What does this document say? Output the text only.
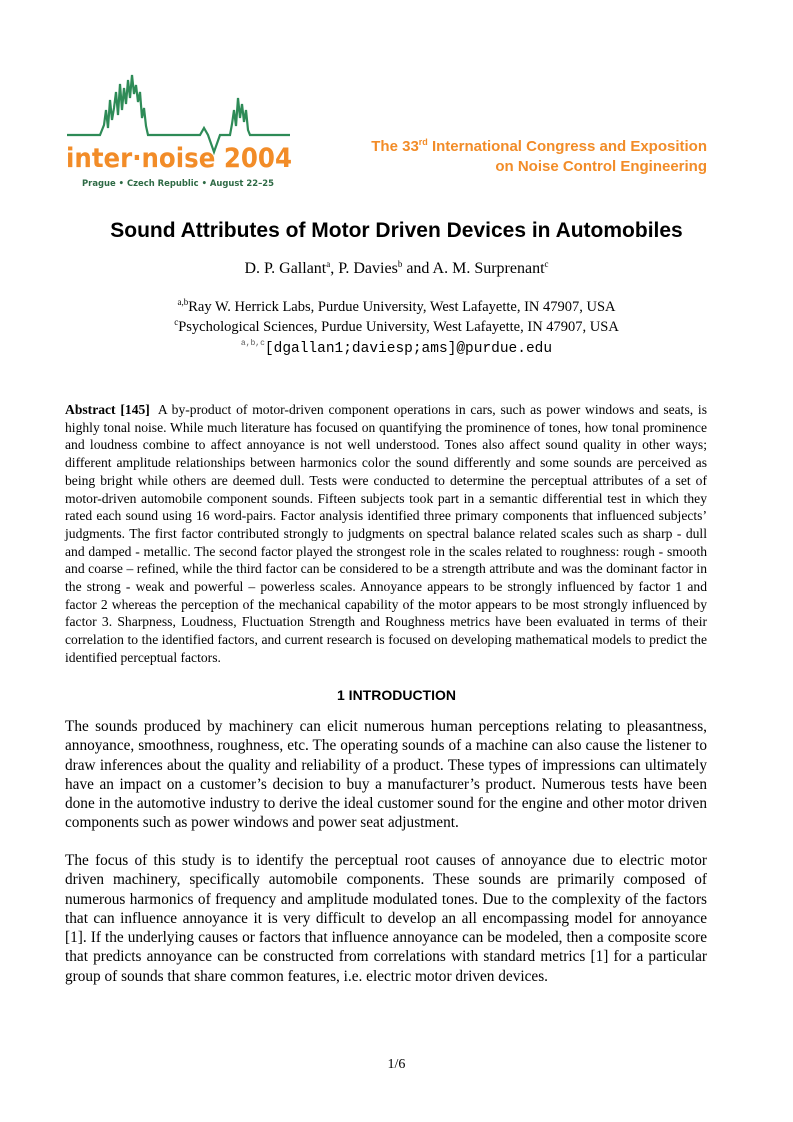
inter·noise 2004
Prague • Czech Republic • August 22–25
The 33rd International Congress and Exposition
on Noise Control Engineering
Sound Attributes of Motor Driven Devices in Automobiles
D. P. Gallant$^a$, P. Davies$^b$ and A. M. Surprenant$^c$
$^{a,b}$Ray W. Herrick Labs, Purdue University, West Lafayette, IN 47907, USA
$^c$Psychological Sciences, Purdue University, West Lafayette, IN 47907, USA
$^{a,b,c}$[dgallan1;daviesp;ams]@purdue.edu

Abstract [145] A by-product of motor-driven component operations in cars, such as power windows and seats, is highly tonal noise. While much literature has focused on quantifying the prominence of tones, how tonal prominence and loudness combine to affect annoyance is not well understood. Tones also affect sound quality in other ways; different amplitude relationships between harmonics color the sound differently and some sounds are perceived as being bright while others are deemed dull. Tests were conducted to determine the perceptual attributes of a set of motor-driven automobile component sounds. Fifteen subjects took part in a semantic differential test in which they rated each sound using 16 word-pairs. Factor analysis identified three primary components that influenced subjects’ judgments. The first factor contributed strongly to judgments on spectral balance related scales such as sharp - dull and damped - metallic. The second factor played the strongest role in the scales related to roughness: rough - smooth and coarse – refined, while the third factor can be considered to be a strength attribute and was the dominant factor in the strong - weak and powerful – powerless scales. Annoyance appears to be strongly influenced by factor 1 and factor 2 whereas the perception of the mechanical capability of the motor appears to be most strongly influenced by factor 3. Sharpness, Loudness, Fluctuation Strength and Roughness metrics have been evaluated in terms of their correlation to the identified factors, and current research is focused on developing mathematical models to predict the identified perceptual factors.

1 INTRODUCTION

The sounds produced by machinery can elicit numerous human perceptions relating to pleasantness, annoyance, smoothness, roughness, etc. The operating sounds of a machine can also cause the listener to draw inferences about the quality and reliability of a product. These types of impressions can ultimately have an impact on a customer’s decision to buy a manufacturer’s product. Numerous tests have been done in the automotive industry to derive the ideal customer sound for the engine and other motor driven components such as power windows and power seat adjustment.

The focus of this study is to identify the perceptual root causes of annoyance due to electric motor driven machinery, specifically automobile components. These sounds are primarily composed of numerous harmonics of frequency and amplitude modulated tones. Due to the complexity of the factors that can influence annoyance it is very difficult to develop an all encompassing model for annoyance [1]. If the underlying causes or factors that influence annoyance can be modeled, then a composite score that predicts annoyance can be constructed from correlations with standard metrics [1] for a particular group of sounds that share common features, i.e. electric motor driven devices.

1/6
